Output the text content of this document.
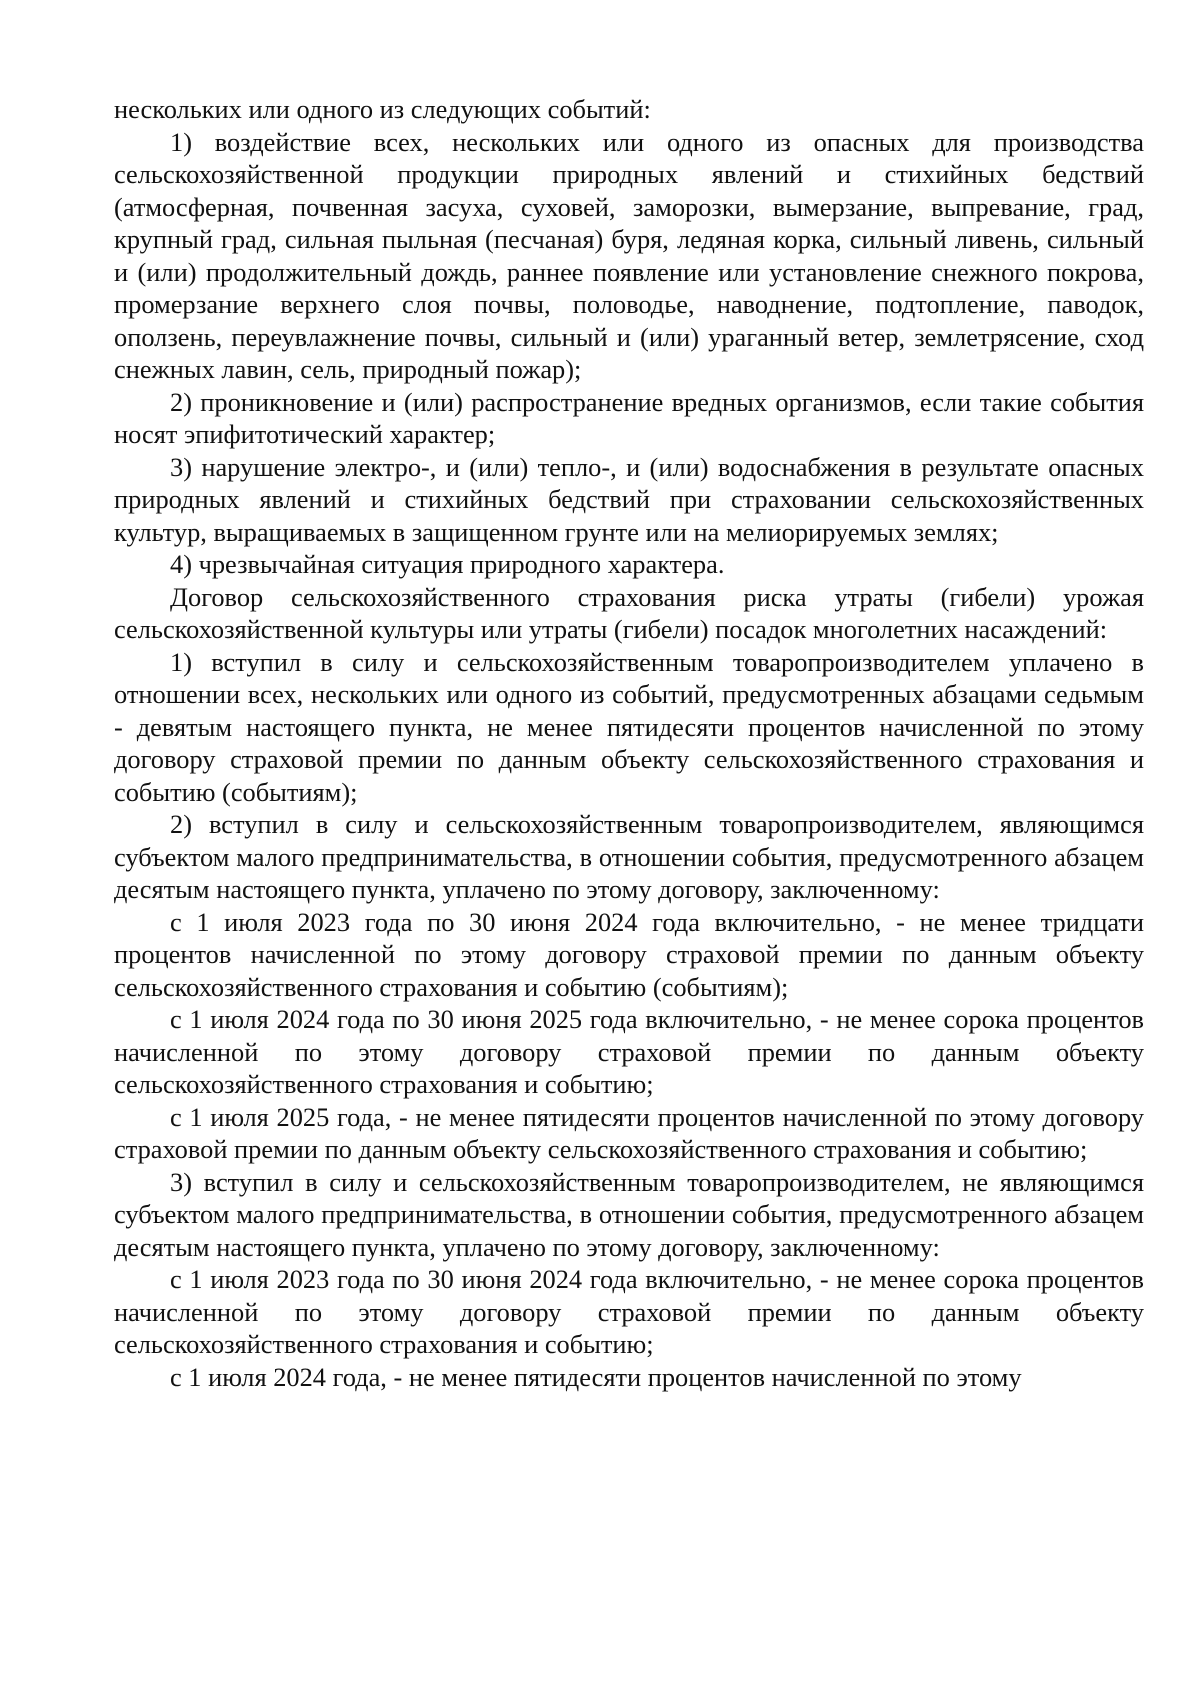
нескольких или одного из следующих событий:

1) воздействие всех, нескольких или одного из опасных для производства сельскохозяйственной продукции природных явлений и стихийных бедствий (атмосферная, почвенная засуха, суховей, заморозки, вымерзание, выпревание, град, крупный град, сильная пыльная (песчаная) буря, ледяная корка, сильный ливень, сильный и (или) продолжительный дождь, раннее появление или установление снежного покрова, промерзание верхнего слоя почвы, половодье, наводнение, подтопление, паводок, оползень, переувлажнение почвы, сильный и (или) ураганный ветер, землетрясение, сход снежных лавин, сель, природный пожар);

2) проникновение и (или) распространение вредных организмов, если такие события носят эпифитотический характер;

3) нарушение электро-, и (или) тепло-, и (или) водоснабжения в результате опасных природных явлений и стихийных бедствий при страховании сельскохозяйственных культур, выращиваемых в защищенном грунте или на мелиорируемых землях;

4) чрезвычайная ситуация природного характера.

Договор сельскохозяйственного страхования риска утраты (гибели) урожая сельскохозяйственной культуры или утраты (гибели) посадок многолетних насаждений:

1) вступил в силу и сельскохозяйственным товаропроизводителем уплачено в отношении всех, нескольких или одного из событий, предусмотренных абзацами седьмым - девятым настоящего пункта, не менее пятидесяти процентов начисленной по этому договору страховой премии по данным объекту сельскохозяйственного страхования и событию (событиям);

2) вступил в силу и сельскохозяйственным товаропроизводителем, являющимся субъектом малого предпринимательства, в отношении события, предусмотренного абзацем десятым настоящего пункта, уплачено по этому договору, заключенному:

с 1 июля 2023 года по 30 июня 2024 года включительно, - не менее тридцати процентов начисленной по этому договору страховой премии по данным объекту сельскохозяйственного страхования и событию (событиям);

с 1 июля 2024 года по 30 июня 2025 года включительно, - не менее сорока процентов начисленной по этому договору страховой премии по данным объекту сельскохозяйственного страхования и событию;

с 1 июля 2025 года, - не менее пятидесяти процентов начисленной по этому договору страховой премии по данным объекту сельскохозяйственного страхования и событию;

3) вступил в силу и сельскохозяйственным товаропроизводителем, не являющимся субъектом малого предпринимательства, в отношении события, предусмотренного абзацем десятым настоящего пункта, уплачено по этому договору, заключенному:

с 1 июля 2023 года по 30 июня 2024 года включительно, - не менее сорока процентов начисленной по этому договору страховой премии по данным объекту сельскохозяйственного страхования и событию;

с 1 июля 2024 года, - не менее пятидесяти процентов начисленной по этому
